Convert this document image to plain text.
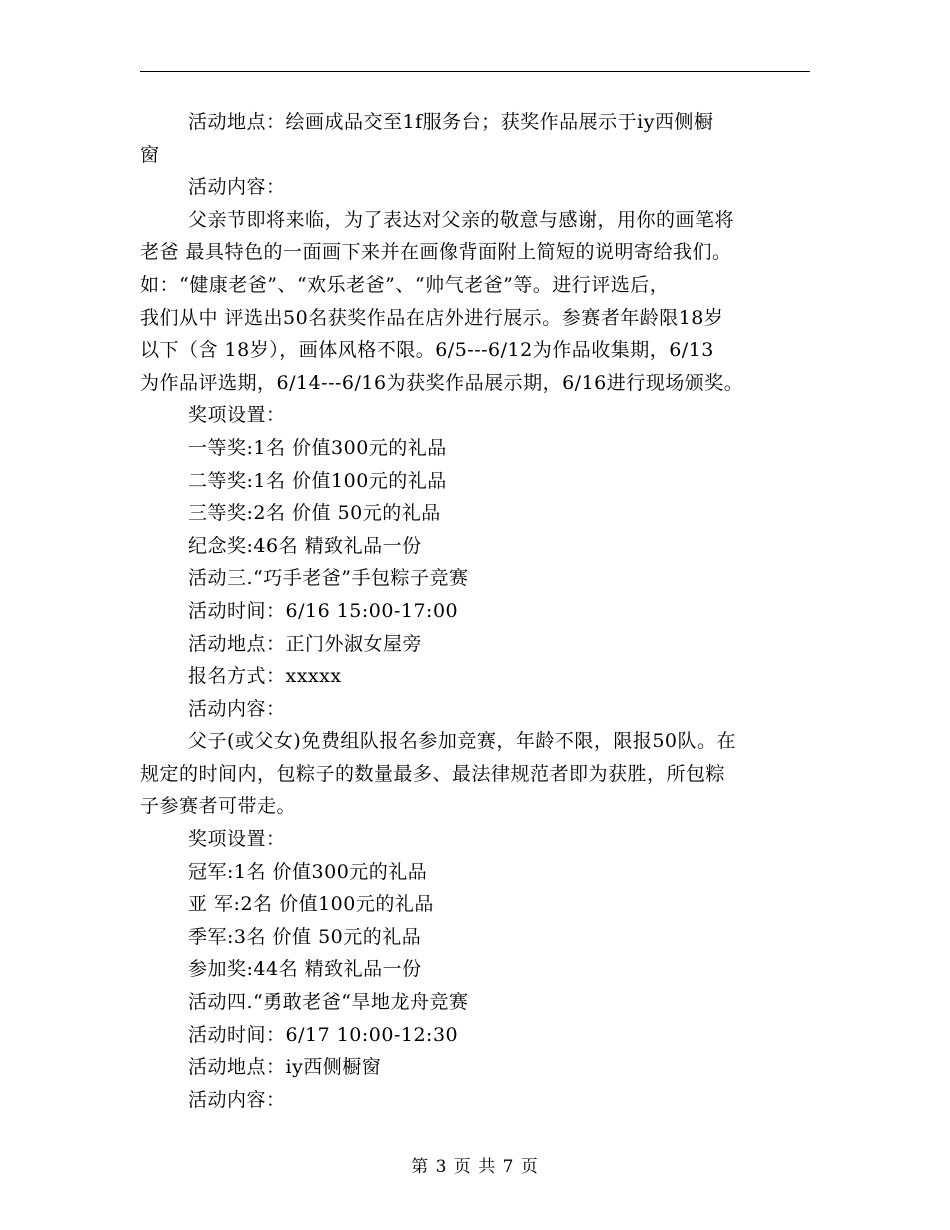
活动地点：绘画成品交至1f服务台；获奖作品展示于iy西侧橱
窗
活动内容：
父亲节即将来临，为了表达对父亲的敬意与感谢，用你的画笔将
老爸 最具特色的一面画下来并在画像背面附上简短的说明寄给我们。
如：“健康老爸”、“欢乐老爸”、“帅气老爸”等。进行评选后，
我们从中 评选出50名获奖作品在店外进行展示。参赛者年龄限18岁
以下（含 18岁），画体风格不限。6/5---6/12为作品收集期，6/13
为作品评选期，6/14---6/16为获奖作品展示期，6/16进行现场颁奖。
奖项设置：
一等奖:1名 价值300元的礼品
二等奖:1名 价值100元的礼品
三等奖:2名 价值 50元的礼品
纪念奖:46名 精致礼品一份
活动三.“巧手老爸”手包粽子竞赛
活动时间：6/16 15:00-17:00
活动地点：正门外淑女屋旁
报名方式：xxxxx
活动内容：
父子(或父女)免费组队报名参加竞赛，年龄不限，限报50队。在
规定的时间内，包粽子的数量最多、最法律规范者即为获胜，所包粽
子参赛者可带走。
奖项设置：
冠军:1名 价值300元的礼品
亚 军:2名 价值100元的礼品
季军:3名 价值 50元的礼品
参加奖:44名 精致礼品一份
活动四.“勇敢老爸“旱地龙舟竞赛
活动时间：6/17 10:00-12:30
活动地点：iy西侧橱窗
活动内容：
第 3 页 共 7 页
